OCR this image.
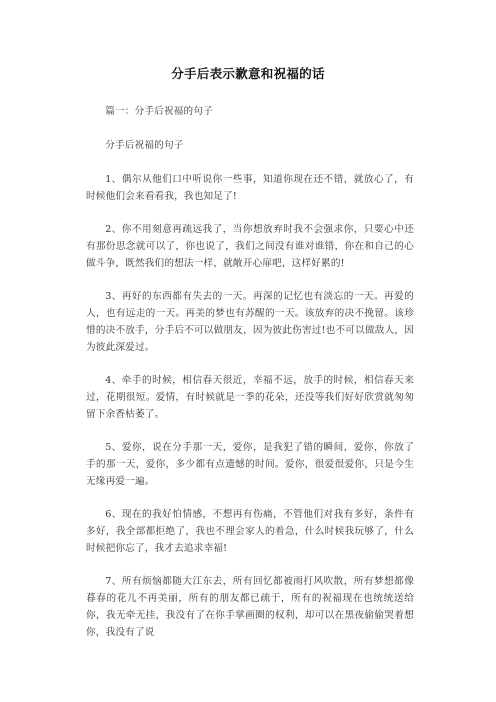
分手后表示歉意和祝福的话

篇一：分手后祝福的句子

分手后祝福的句子

1、偶尔从他们口中听说你一些事，知道你现在还不错，就放心了，有时候他们会来看看我，我也知足了!

2、你不用刻意再疏远我了，当你想放弃时我不会强求你，只要心中还有那份思念就可以了，你也说了，我们之间没有谁对谁错，你在和自己的心做斗争，既然我们的想法一样，就敞开心扉吧，这样好累的!

3、再好的东西都有失去的一天。再深的记忆也有淡忘的一天。再爱的人，也有远走的一天。再美的梦也有苏醒的一天。该放弃的决不挽留。该珍惜的决不放手，分手后不可以做朋友，因为彼此伤害过!也不可以做敌人，因为彼此深爱过。

4、牵手的时候，相信春天很近，幸福不远，放手的时候，相信春天来过，花期很短。爱情，有时候就是一季的花朵，还没等我们好好欣赏就匆匆留下余香枯萎了。

5、爱你，说在分手那一天，爱你，是我犯了错的瞬间，爱你，你放了手的那一天，爱你，多少都有点遗憾的时间。爱你，很爱很爱你，只是今生无缘再爱一遍。

6、现在的我好怕情感，不想再有伤痛，不管他们对我有多好，条件有多好，我全部都拒绝了，我也不理会家人的着急，什么时候我玩够了，什么时候把你忘了，我才去追求幸福!

7、所有烦恼都随大江东去，所有回忆都被雨打风吹散，所有梦想都像暮春的花儿不再美丽，所有的朋友都已疏于，所有的祝福现在也统统送给你，我无牵无挂，我没有了在你手掌画圈的权利，却可以在黑夜偷偷哭着想你，我没有了说
